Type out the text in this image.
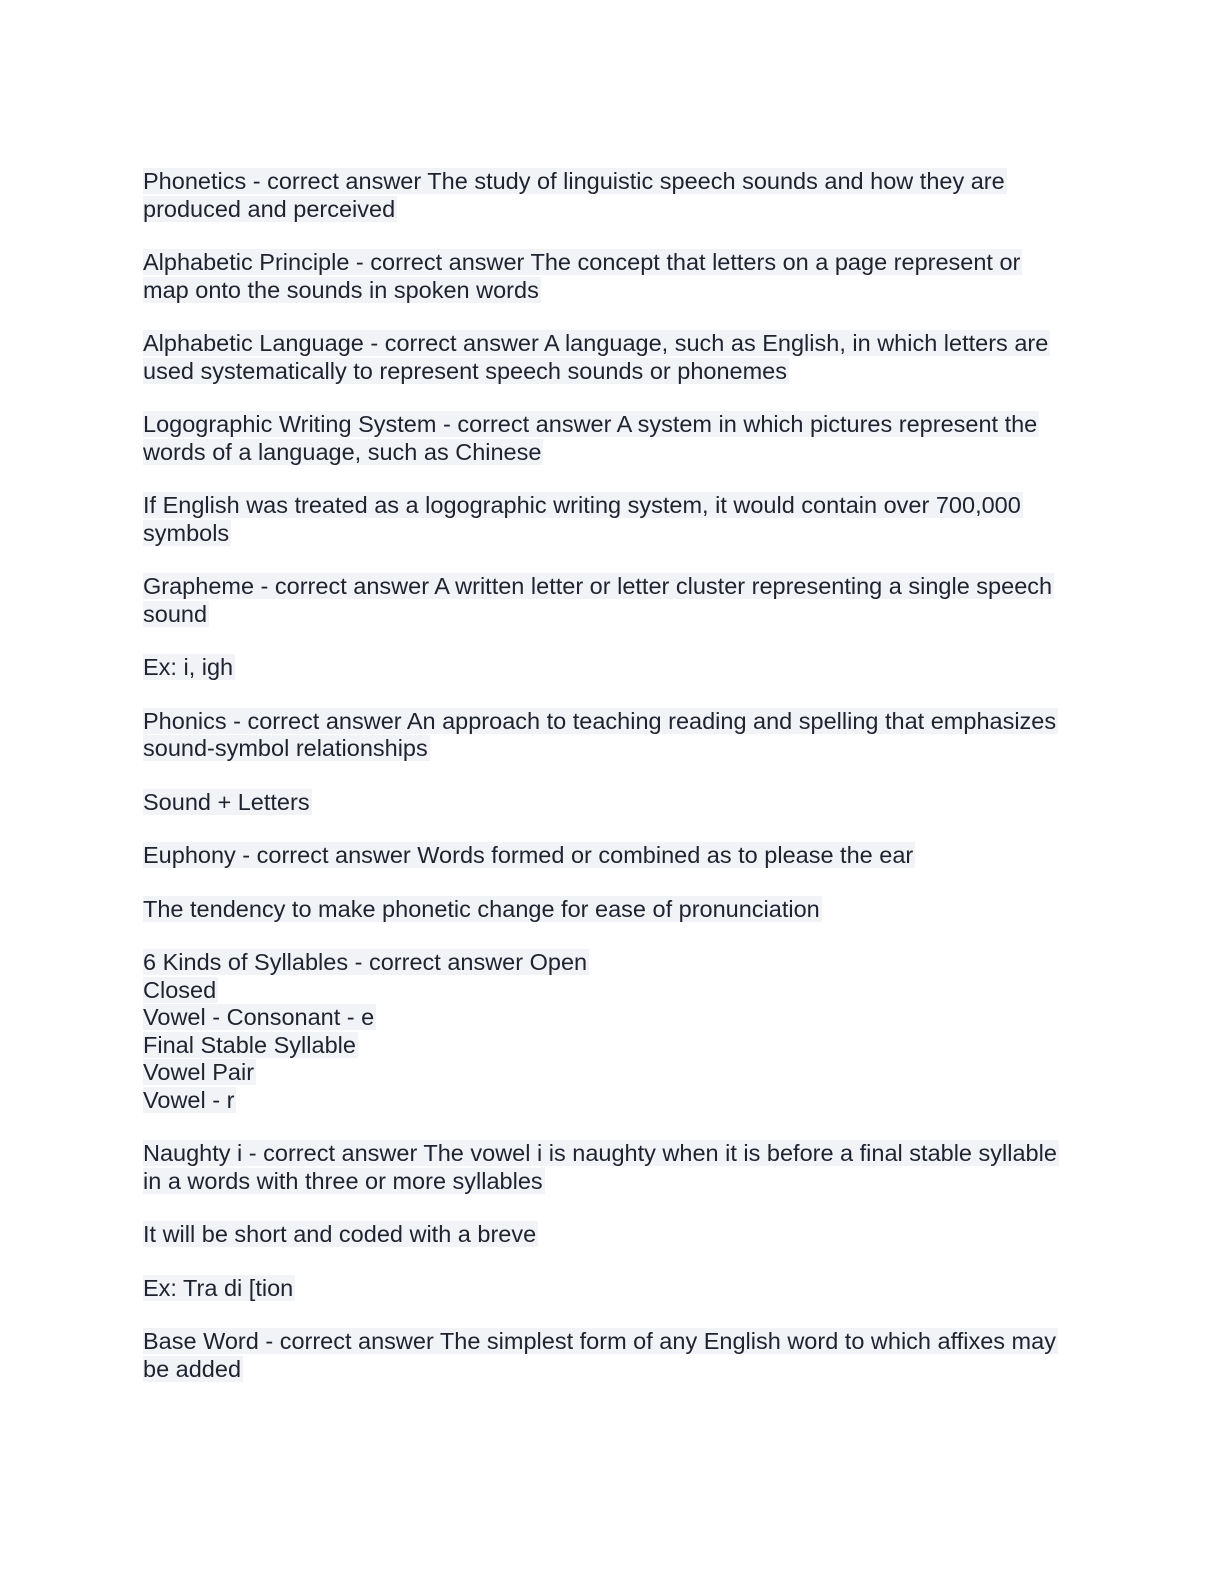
Phonetics - correct answer The study of linguistic speech sounds and how they are
produced and perceived
Alphabetic Principle - correct answer The concept that letters on a page represent or
map onto the sounds in spoken words
Alphabetic Language - correct answer A language, such as English, in which letters are
used systematically to represent speech sounds or phonemes
Logographic Writing System - correct answer A system in which pictures represent the
words of a language, such as Chinese
If English was treated as a logographic writing system, it would contain over 700,000
symbols
Grapheme - correct answer A written letter or letter cluster representing a single speech
sound
Ex: i, igh
Phonics - correct answer An approach to teaching reading and spelling that emphasizes
sound-symbol relationships
Sound + Letters
Euphony - correct answer Words formed or combined as to please the ear
The tendency to make phonetic change for ease of pronunciation
6 Kinds of Syllables - correct answer Open
Closed
Vowel - Consonant - e
Final Stable Syllable
Vowel Pair
Vowel - r
Naughty i - correct answer The vowel i is naughty when it is before a final stable syllable
in a words with three or more syllables
It will be short and coded with a breve
Ex: Tra di [tion
Base Word - correct answer The simplest form of any English word to which affixes may
be added
